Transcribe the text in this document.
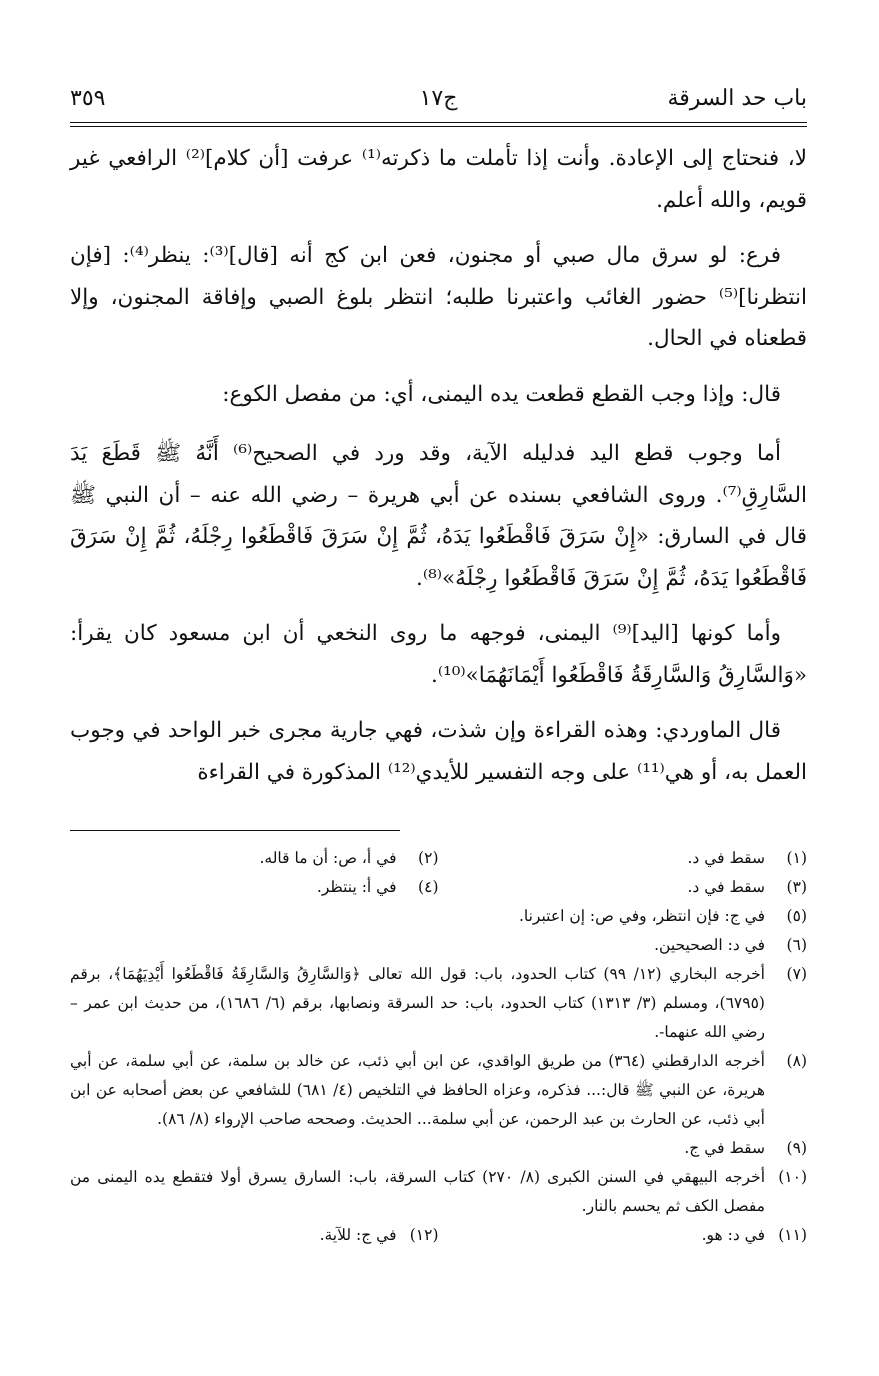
باب حد السرقة
ج١٧
٣٥٩

لا، فنحتاج إلى الإعادة. وأنت إذا تأملت ما ذكرته⁽¹⁾ عرفت [أن كلام]⁽²⁾ الرافعي غير قويم، والله أعلم.

فرع: لو سرق مال صبي أو مجنون، فعن ابن كج أنه [قال]⁽³⁾: ينظر⁽⁴⁾: [فإن انتظرنا]⁽⁵⁾ حضور الغائب واعتبرنا طلبه؛ انتظر بلوغ الصبي وإفاقة المجنون، وإلا قطعناه في الحال.

قال: وإذا وجب القطع قطعت يده اليمنى، أي: من مفصل الكوع:

أما وجوب قطع اليد فدليله الآية، وقد ورد في الصحيح⁽⁶⁾ أَنَّهُ ﷺ قَطَعَ يَدَ السَّارِقِ⁽⁷⁾. وروى الشافعي بسنده عن أبي هريرة – رضي الله عنه – أن النبي ﷺ قال في السارق: «إِنْ سَرَقَ فَاقْطَعُوا يَدَهُ، ثُمَّ إِنْ سَرَقَ فَاقْطَعُوا رِجْلَهُ، ثُمَّ إِنْ سَرَقَ فَاقْطَعُوا يَدَهُ، ثُمَّ إِنْ سَرَقَ فَاقْطَعُوا رِجْلَهُ»⁽⁸⁾.

وأما كونها [اليد]⁽⁹⁾ اليمنى، فوجهه ما روى النخعي أن ابن مسعود كان يقرأ: «وَالسَّارِقُ وَالسَّارِقَةُ فَاقْطَعُوا أَيْمَانَهُمَا»⁽¹⁰⁾.

قال الماوردي: وهذه القراءة وإن شذت، فهي جارية مجرى خبر الواحد في وجوب العمل به، أو هي⁽¹¹⁾ على وجه التفسير للأيدي⁽¹²⁾ المذكورة في القراءة

(١)
سقط في د.
(٢)
في أ، ص: أن ما قاله.
(٣)
سقط في د.
(٤)
في أ: ينتظر.
(٥)
في ج: فإن انتظر، وفي ص: إن اعتبرنا.
(٦)
في د: الصحيحين.
(٧)
أخرجه البخاري (١٢/ ٩٩) كتاب الحدود، باب: قول الله تعالى ﴿وَالسَّارِقُ وَالسَّارِقَةُ فَاقْطَعُوا أَيْدِيَهُمَا﴾، برقم (٦٧٩٥)، ومسلم (٣/ ١٣١٣) كتاب الحدود، باب: حد السرقة ونصابها، برقم (٦/ ١٦٨٦)، من حديث ابن عمر – رضي الله عنهما-.
(٨)
أخرجه الدارقطني (٣٦٤) من طريق الواقدي، عن ابن أبي ذئب، عن خالد بن سلمة، عن أبي سلمة، عن أبي هريرة، عن النبي ﷺ قال:... فذكره، وعزاه الحافظ في التلخيص (٤/ ٦٨١) للشافعي عن بعض أصحابه عن ابن أبي ذئب، عن الحارث بن عبد الرحمن، عن أبي سلمة... الحديث. وصححه صاحب الإرواء (٨/ ٨٦).
(٩)
سقط في ج.
(١٠)
أخرجه البيهقي في السنن الكبرى (٨/ ٢٧٠) كتاب السرقة، باب: السارق يسرق أولا فتقطع يده اليمنى من مفصل الكف ثم يحسم بالنار.
(١١)
في د: هو.
(١٢)
في ج: للآية.
